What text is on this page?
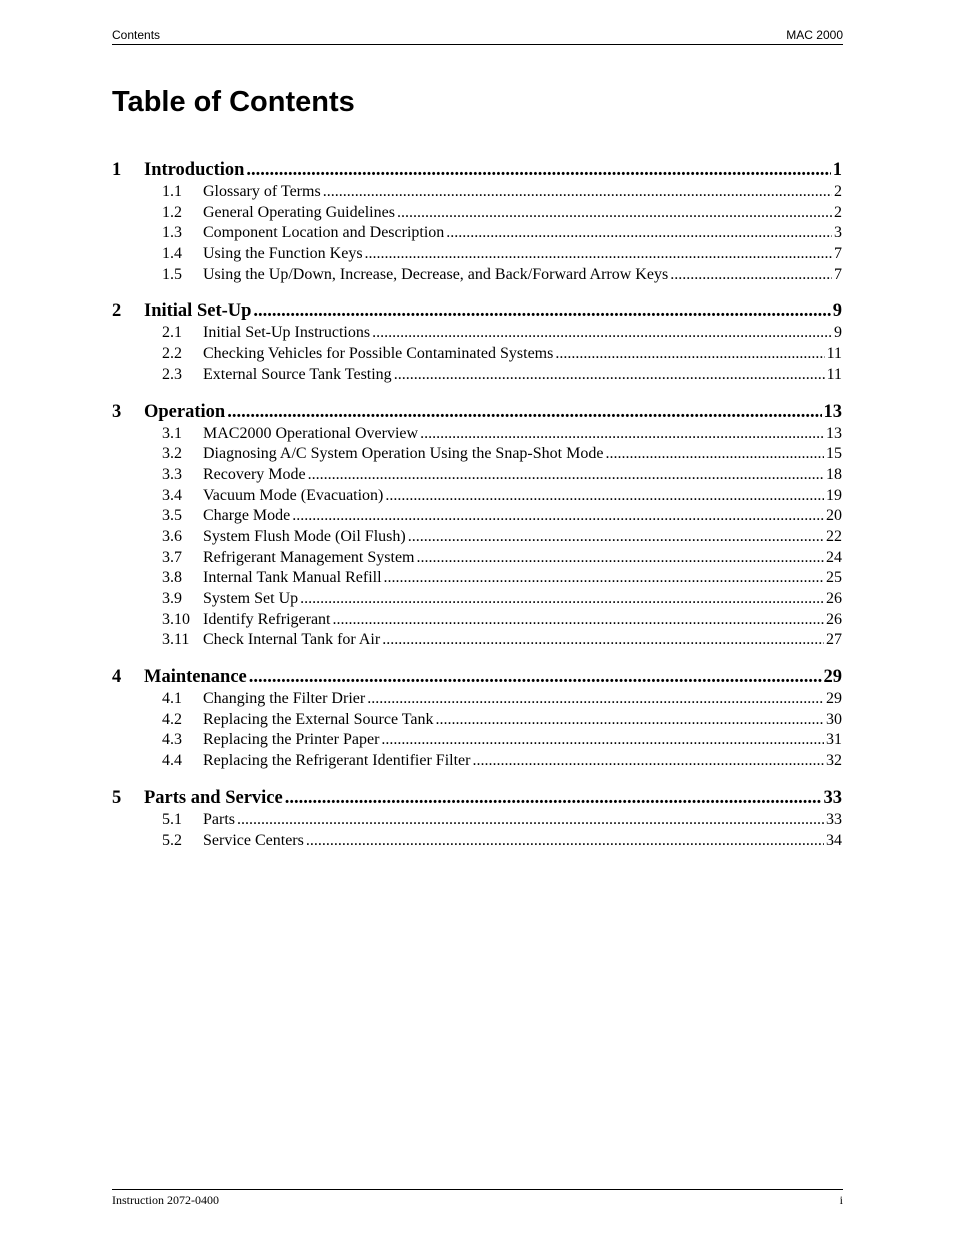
Contents	MAC 2000
Table of Contents
1	Introduction .....	1
1.1	Glossary of Terms .....	2
1.2	General Operating Guidelines .....	2
1.3	Component Location and Description .....	3
1.4	Using the Function Keys .....	7
1.5	Using the Up/Down, Increase, Decrease, and Back/Forward Arrow Keys .....	7
2	Initial Set-Up .....	9
2.1	Initial Set-Up Instructions .....	9
2.2	Checking Vehicles for Possible Contaminated Systems .....	11
2.3	External Source Tank Testing .....	11
3	Operation .....	13
3.1	MAC2000 Operational Overview .....	13
3.2	Diagnosing A/C System Operation Using the Snap-Shot Mode .....	15
3.3	Recovery Mode .....	18
3.4	Vacuum Mode (Evacuation) .....	19
3.5	Charge Mode .....	20
3.6	System Flush Mode (Oil Flush) .....	22
3.7	Refrigerant Management System .....	24
3.8	Internal Tank Manual Refill .....	25
3.9	System Set Up .....	26
3.10 Identify Refrigerant .....	26
3.11 Check Internal Tank for Air .....	27
4	Maintenance .....	29
4.1	Changing the Filter Drier .....	29
4.2	Replacing the External Source Tank .....	30
4.3	Replacing the Printer Paper .....	31
4.4	Replacing the Refrigerant Identifier Filter .....	32
5	Parts and Service .....	33
5.1	Parts .....	33
5.2	Service Centers .....	34
Instruction 2072-0400	i
